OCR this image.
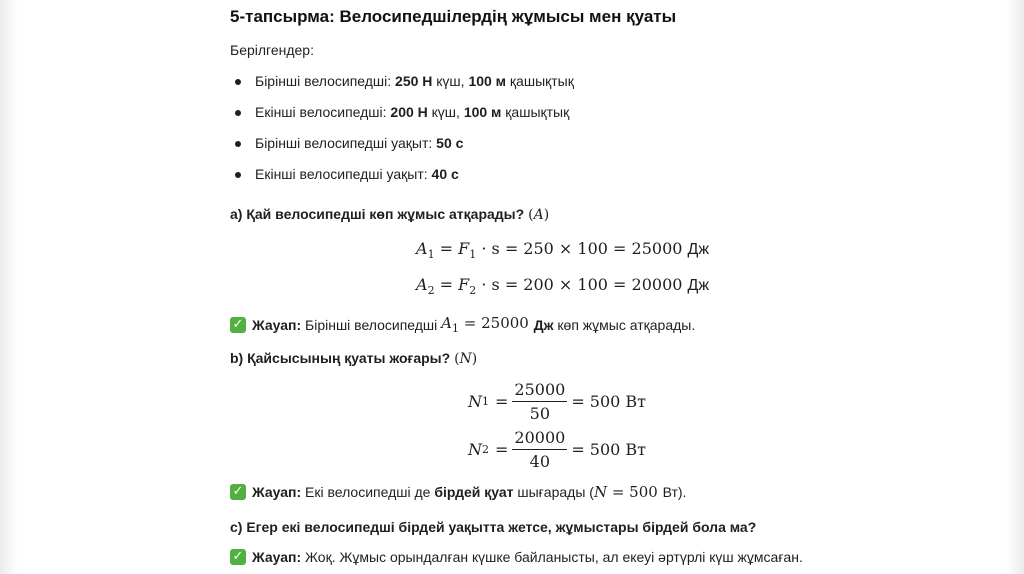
5-тапсырма: Велосипедшілердің жұмысы мен қуаты
Берілгендер:
Бірінші велосипедші: 250 Н күш, 100 м қашықтық
Екінші велосипедші: 200 Н күш, 100 м қашықтық
Бірінші велосипедші уақыт: 50 с
Екінші велосипедші уақыт: 40 с
a) Қай велосипедші көп жұмыс атқарады? (A)
$A_1 = F_1 \cdot s = 250 \times 100 = 25000$ Дж
$A_2 = F_2 \cdot s = 200 \times 100 = 20000$ Дж
✓ Жауап: Бірінші велосипедші $A_1 = 25000$ Дж көп жұмыс атқарады.
b) Қайсысының қуаты жоғары? (N)
N $1 = \frac{25000}{50} = 500$ Вт
N $2 = \frac{20000}{40} = 500$ Вт
✓ Жауап: Екі велосипедші де бірдей қуат шығарады ( N = 500 Вт ).
c) Егер екі велосипедші бірдей уақытта жетсе, жұмыстары бірдей бола ма?
✓ Жауап:
Жоқ . Жұмыс орындалған күшке байланысты, ал екеуі әртүрлі күш жұмсаған.
